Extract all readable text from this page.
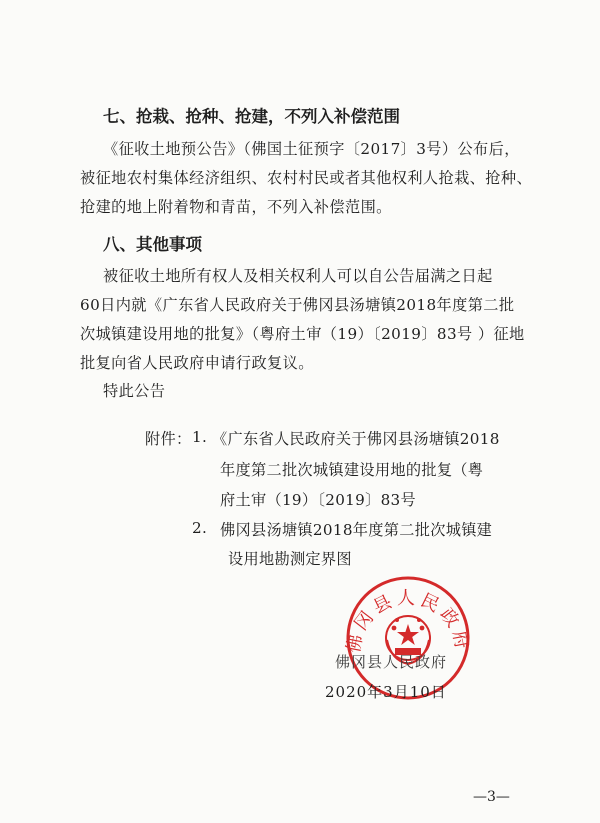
七、抢栽、抢种、抢建，不列入补偿范围
《征收土地预公告》（佛国土征预字〔2017〕3号）公布后，
被征地农村集体经济组织、农村村民或者其他权利人抢栽、抢种、
抢建的地上附着物和青苗，不列入补偿范围。
八、其他事项
被征收土地所有权人及相关权利人可以自公告届满之日起
60日内就《广东省人民政府关于佛冈县汤塘镇2018年度第二批
次城镇建设用地的批复》（粤府土审（19）〔2019〕83号 ）征地
批复向省人民政府申请行政复议。
特此公告
附件： 1. 《广东省人民政府关于佛冈县汤塘镇2018
年度第二批次城镇建设用地的批复（粤
府土审（19）〔2019〕83号
2. 佛冈县汤塘镇2018年度第二批次城镇建
设用地勘测定界图
佛冈县人民政府
佛冈县人民政府
2020年3月10日
—3—
